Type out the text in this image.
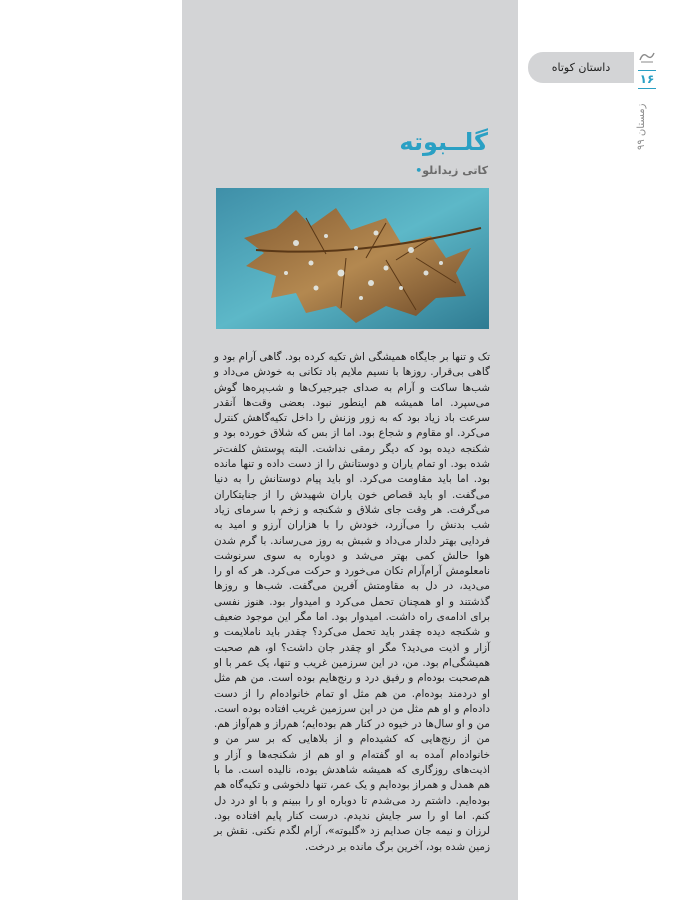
داستان کوتاه
۱۶
زمستان ۹۹
گلــبوته
کاتی زیدانلو•

تک و تنها بر جایگاه همیشگی اش تکیه کرده بود. گاهی آرام بود و گاهی بی‌قرار. روزها با نسیم ملایم باد تکانی به خودش می‌داد و شب‌ها ساکت و آرام به صدای جیرجیرک‌ها و شب‌پره‌ها گوش می‌سپرد. اما همیشه هم اینطور نبود. بعضی وقت‌ها آنقدر سرعت باد زیاد بود که به زور وزنش را داخل تکیه‌گاهش کنترل می‌کرد. او مقاوم و شجاع بود. اما از بس که شلاق خورده بود و شکنجه دیده بود که دیگر رمقی نداشت. البته پوستش کلفت‌تر شده بود. او تمام یاران و دوستانش را از دست داده و تنها مانده بود. اما باید مقاومت می‌کرد. او باید پیام دوستانش را به دنیا می‌گفت. او باید قصاص خون یاران شهیدش را از جنایتکاران می‌گرفت. هر وقت جای شلاق و شکنجه و زخم با سرمای زیاد شب بدنش را می‌آزرد، خودش را با هزاران آرزو و امید به فردایی بهتر دلدار می‌داد و شبش به روز می‌رساند. با گرم شدن هوا حالش کمی بهتر می‌شد و دوباره به سوی سرنوشت نامعلومش آرام‌آرام تکان می‌خورد و حرکت می‌کرد. هر که او را می‌دید، در دل به مقاومتش آفرین می‌گفت. شب‌ها و روزها گذشتند و او همچنان تحمل می‌کرد و امیدوار بود. هنوز نفسی برای ادامه‌ی راه داشت. امیدوار بود. اما مگر این موجود ضعیف و شکنجه دیده چقدر باید تحمل می‌کرد؟ چقدر باید ناملایمت و آزار و اذیت می‌دید؟ مگر او چقدر جان داشت؟ او، هم صحبت همیشگی‌ام بود. من، در این سرزمین غریب و تنها، یک عمر با او هم‌صحبت بوده‌ام و رفیق درد و رنج‌هایم بوده است. من هم مثل او دردمند بوده‌ام. من هم مثل او تمام خانواده‌ام را از دست داده‌ام و او هم مثل من در این سرزمین غریب افتاده بوده است. من و او سال‌ها در خیوه در کنار هم بوده‌ایم؛ هم‌راز و هم‌آواز هم. من از رنج‌هایی که کشیده‌ام و از بلاهایی که بر سر من و خانواده‌ام آمده به او گفته‌ام و او هم از شکنجه‌ها و آزار و اذیت‌های روزگاری که همیشه شاهدش بوده، نالیده است. ما با هم همدل و همراز بوده‌ایم و یک عمر، تنها دلخوشی و تکیه‌گاه هم بوده‌ایم. داشتم رد می‌شدم تا دوباره او را ببینم و با او درد دل کنم. اما او را سر جایش ندیدم. درست کنار پایم افتاده بود. لرزان و نیمه جان صدایم زد «گلبوته»، آرام لگدم نکنی. نقش بر زمین شده بود، آخرین برگ مانده بر درخت.
